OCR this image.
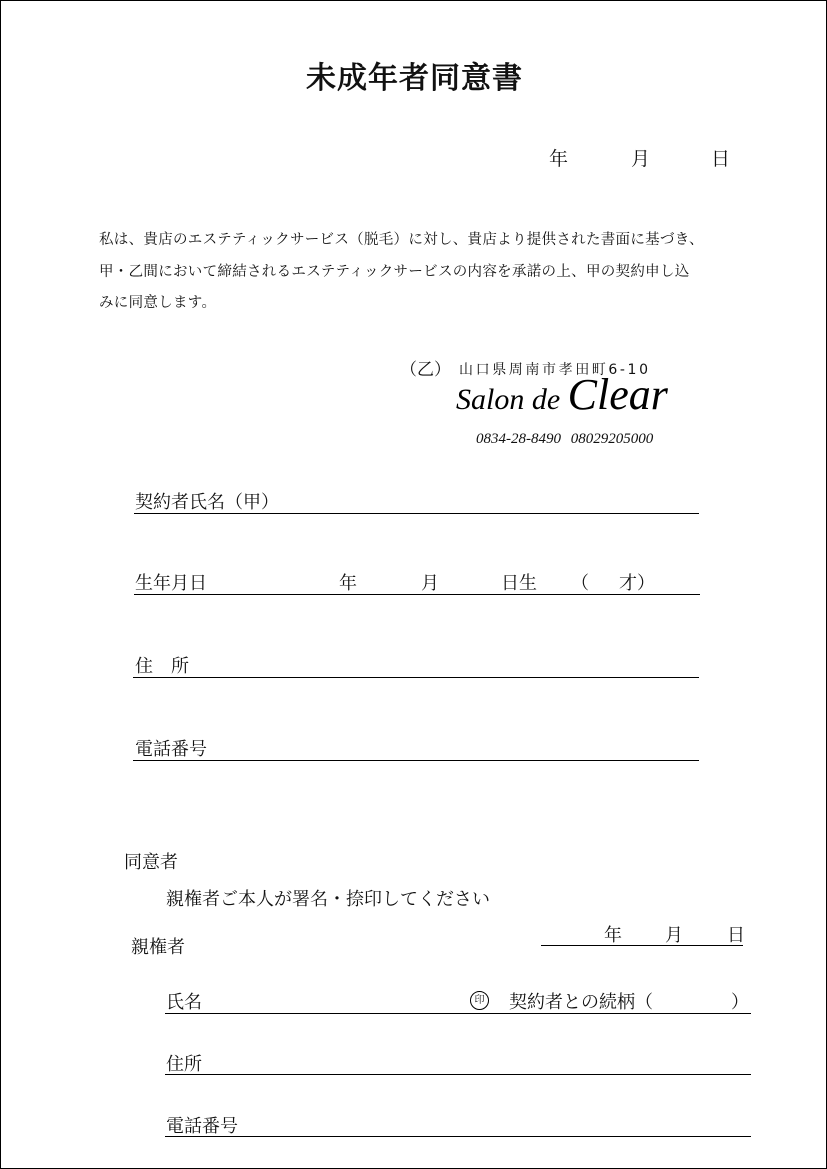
未成年者同意書
年	月	日
私は、貴店のエステティックサービス（脱毛）に対し、貴店より提供された書面に基づき、
甲・乙間において締結されるエステティックサービスの内容を承諾の上、甲の契約申し込
みに同意します。
（乙） 山口県周南市孝田町6-10
Salon de Clear
0834-28-8490 08029205000
契約者氏名（甲）
生年月日	年	月	日生 （ 才）
住　所
電話番号
同意者
親権者ご本人が署名・捺印してください
親権者
年 月 日
氏名	印 契約者との続柄（	）
住所
電話番号
